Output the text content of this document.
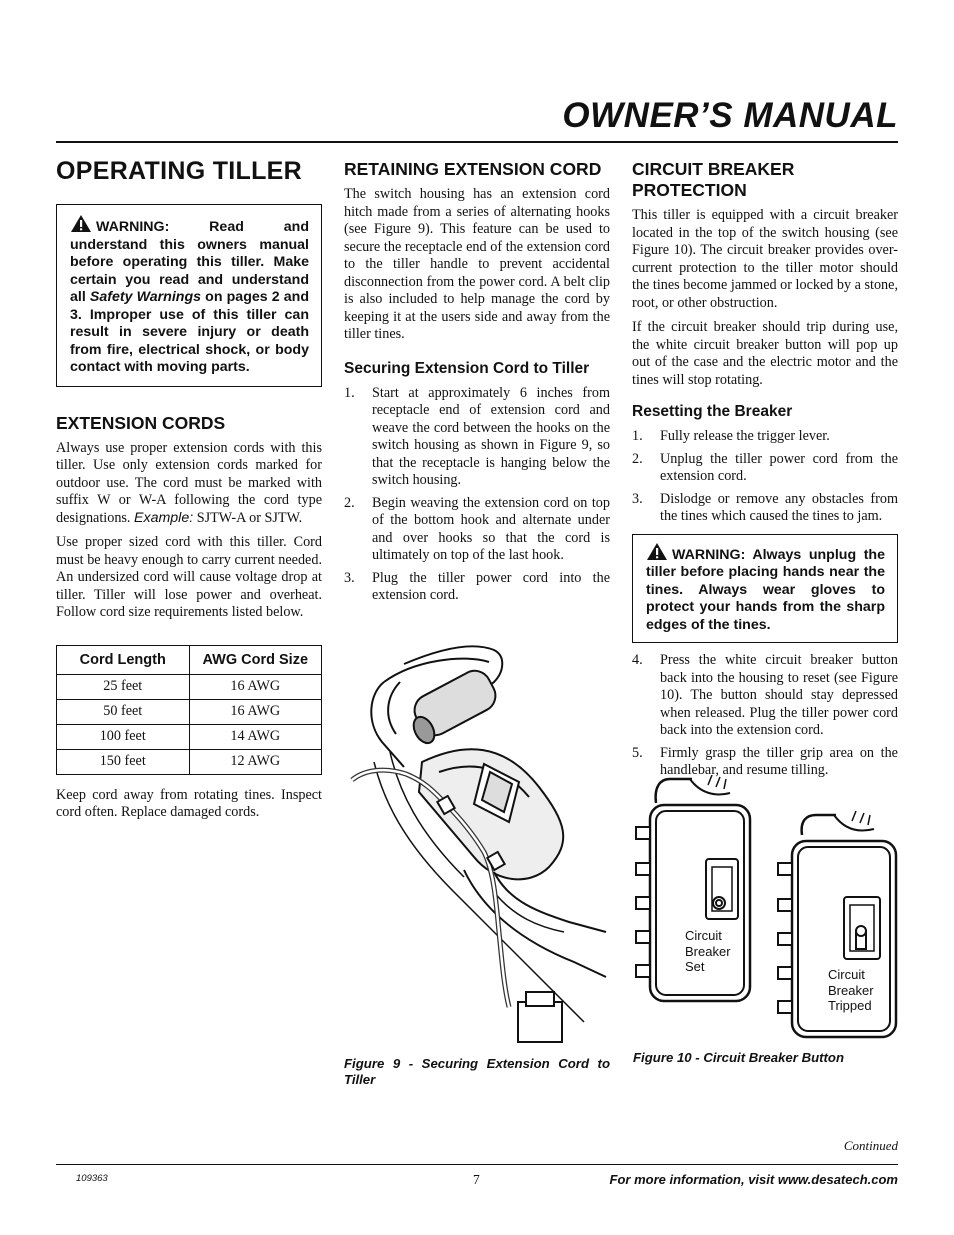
OWNER’S MANUAL
OPERATING TILLER
WARNING: Read and understand this owners manual before operating this tiller. Make certain you read and understand all Safety Warnings on pages 2 and 3. Improper use of this tiller can result in severe injury or death from fire, electrical shock, or body contact with moving parts.
EXTENSION CORDS

Always use proper extension cords with this tiller. Use only extension cords marked for outdoor use. The cord must be marked with suffix W or W-A following the cord type designations. Example: SJTW-A or SJTW.

Use proper sized cord with this tiller. Cord must be heavy enough to carry current needed. An undersized cord will cause voltage drop at tiller. Tiller will lose power and overheat. Follow cord size requirements listed below.

Cord Length	AWG Cord Size
25 feet	16 AWG
50 feet	16 AWG
100 feet	14 AWG
150 feet	12 AWG

Keep cord away from rotating tines. Inspect cord often. Replace damaged cords.

RETAINING EXTENSION CORD

The switch housing has an extension cord hitch made from a series of alternating hooks (see Figure 9). This feature can be used to secure the receptacle end of the extension cord to the tiller handle to prevent accidental disconnection from the power cord. A belt clip is also included to help manage the cord by keeping it at the users side and away from the tiller tines.

Securing Extension Cord to Tiller
1. Start at approximately 6 inches from receptacle end of extension cord and weave the cord between the hooks on the switch housing as shown in Figure 9, so that the receptacle is hanging below the switch housing.
2. Begin weaving the extension cord on top of the bottom hook and alternate under and over hooks so that the cord is ultimately on top of the last hook.
3. Plug the tiller power cord into the extension cord.
Figure 9 - Securing Extension Cord to Tiller
CIRCUIT BREAKER PROTECTION

This tiller is equipped with a circuit breaker located in the top of the switch housing (see Figure 10). The circuit breaker provides over-current protection to the tiller motor should the tines become jammed or locked by a stone, root, or other obstruction.

If the circuit breaker should trip during use, the white circuit breaker button will pop up out of the case and the electric motor and the tines will stop rotating.

Resetting the Breaker
1. Fully release the trigger lever.
2. Unplug the tiller power cord from the extension cord.
3. Dislodge or remove any obstacles from the tines which caused the tines to jam.
WARNING: Always unplug the tiller before placing hands near the tines. Always wear gloves to protect your hands from the sharp edges of the tines.
4. Press the white circuit breaker button back into the housing to reset (see Figure 10). The button should stay depressed when released. Plug the tiller power cord back into the extension cord.
5. Firmly grasp the tiller grip area on the handlebar, and resume tilling.
Circuit
Breaker
Set
Circuit
Breaker
Tripped
Figure 10 - Circuit Breaker Button
Continued
109363	7	For more information, visit www.desatech.com
